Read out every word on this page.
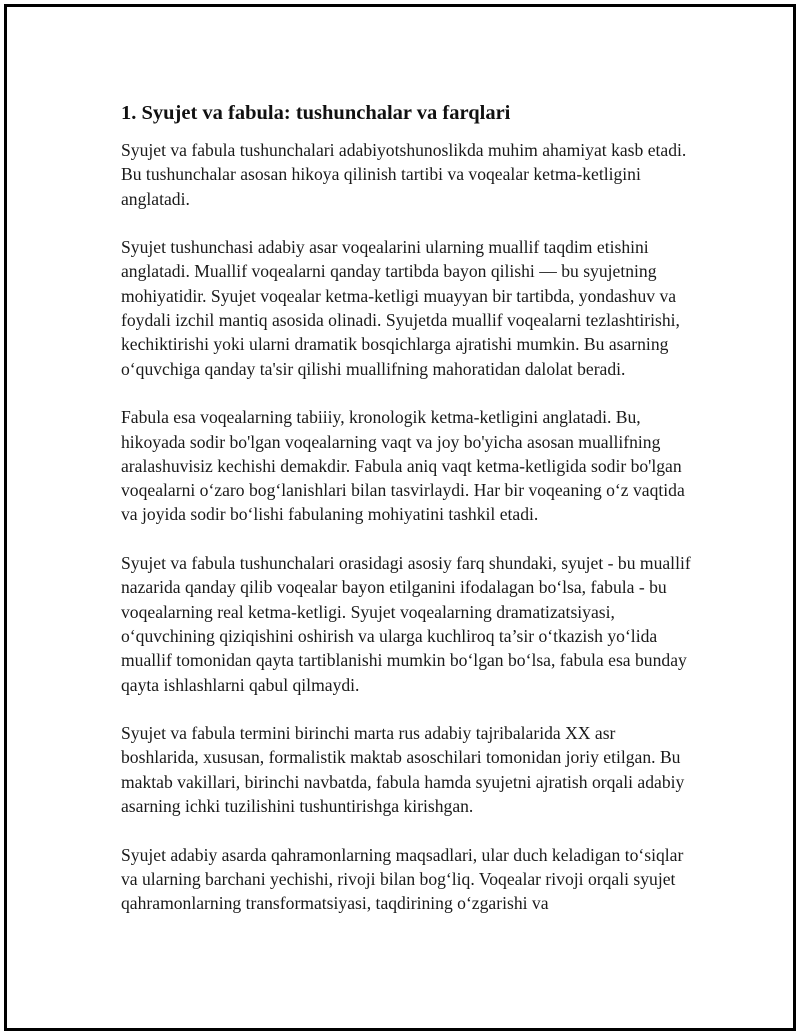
1. Syujet va fabula: tushunchalar va farqlari

Syujet va fabula tushunchalari adabiyotshunoslikda muhim ahamiyat kasb etadi. Bu tushunchalar asosan hikoya qilinish tartibi va voqealar ketma-ketligini anglatadi.

Syujet tushunchasi adabiy asar voqealarini ularning muallif taqdim etishini anglatadi. Muallif voqealarni qanday tartibda bayon qilishi — bu syujetning mohiyatidir. Syujet voqealar ketma-ketligi muayyan bir tartibda, yondashuv va foydali izchil mantiq asosida olinadi. Syujetda muallif voqealarni tezlashtirishi, kechiktirishi yoki ularni dramatik bosqichlarga ajratishi mumkin. Bu asarning o‘quvchiga qanday ta'sir qilishi muallifning mahoratidan dalolat beradi.

Fabula esa voqealarning tabiiiy, kronologik ketma-ketligini anglatadi. Bu, hikoyada sodir bo'lgan voqealarning vaqt va joy bo'yicha asosan muallifning aralashuvisiz kechishi demakdir. Fabula aniq vaqt ketma-ketligida sodir bo'lgan voqealarni o‘zaro bog‘lanishlari bilan tasvirlaydi. Har bir voqeaning o‘z vaqtida va joyida sodir bo‘lishi fabulaning mohiyatini tashkil etadi.

Syujet va fabula tushunchalari orasidagi asosiy farq shundaki, syujet - bu muallif nazarida qanday qilib voqealar bayon etilganini ifodalagan bo‘lsa, fabula - bu voqealarning real ketma-ketligi. Syujet voqealarning dramatizatsiyasi, o‘quvchining qiziqishini oshirish va ularga kuchliroq ta’sir o‘tkazish yo‘lida muallif tomonidan qayta tartiblanishi mumkin bo‘lgan bo‘lsa, fabula esa bunday qayta ishlashlarni qabul qilmaydi.

Syujet va fabula termini birinchi marta rus adabiy tajribalarida XX asr boshlarida, xususan, formalistik maktab asoschilari tomonidan joriy etilgan. Bu maktab vakillari, birinchi navbatda, fabula hamda syujetni ajratish orqali adabiy asarning ichki tuzilishini tushuntirishga kirishgan.

Syujet adabiy asarda qahramonlarning maqsadlari, ular duch keladigan to‘siqlar va ularning barchani yechishi, rivoji bilan bog‘liq. Voqealar rivoji orqali syujet qahramonlarning transformatsiyasi, taqdirining o‘zgarishi va
